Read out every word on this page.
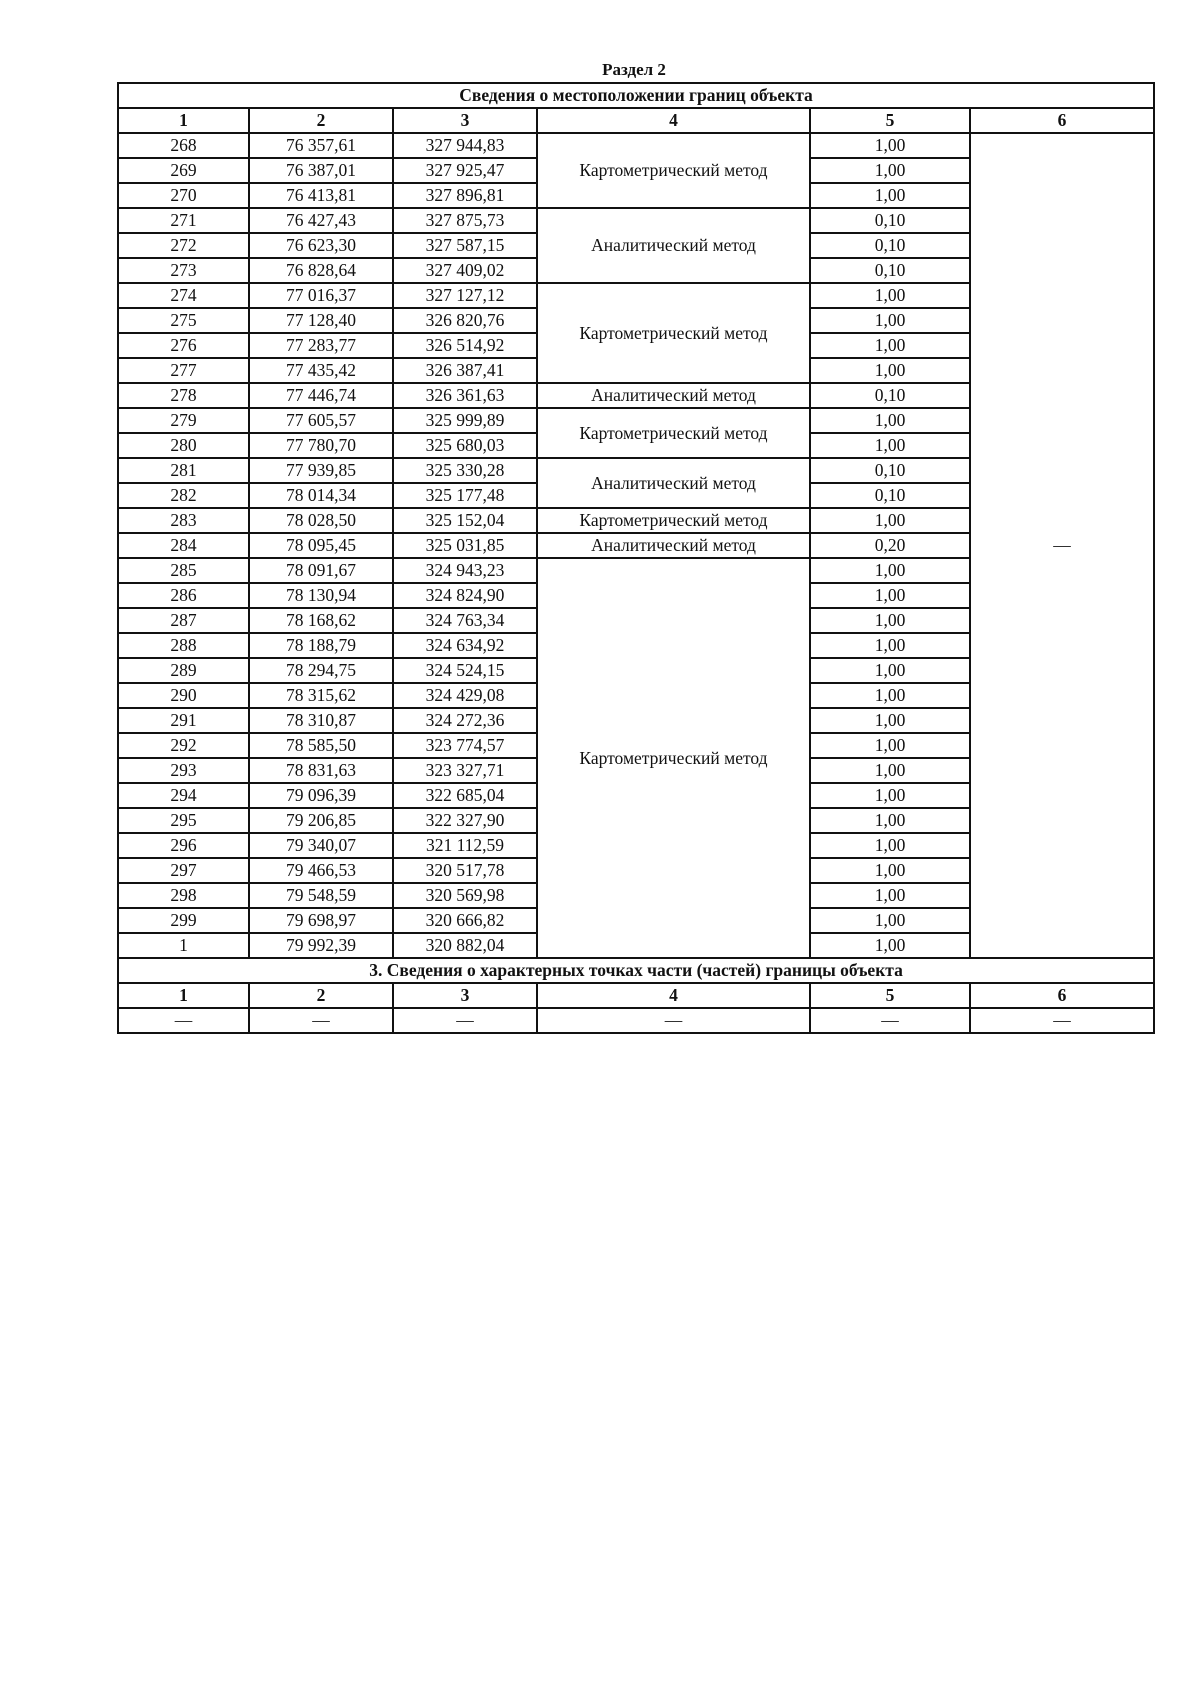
Раздел 2
Сведения о местоположении границ объекта					
1	2	3	4	5	6
268	76 357,61	327 944,83	Картометрический метод	1,00	—
269	76 387,01	327 925,47		1,00	
270	76 413,81	327 896,81		1,00	
271	76 427,43	327 875,73	Аналитический метод	0,10	
272	76 623,30	327 587,15		0,10	
273	76 828,64	327 409,02		0,10	
274	77 016,37	327 127,12	Картометрический метод	1,00	
275	77 128,40	326 820,76		1,00	
276	77 283,77	326 514,92		1,00	
277	77 435,42	326 387,41		1,00	
278	77 446,74	326 361,63	Аналитический метод	0,10	
279	77 605,57	325 999,89	Картометрический метод	1,00	
280	77 780,70	325 680,03		1,00	
281	77 939,85	325 330,28	Аналитический метод	0,10	
282	78 014,34	325 177,48		0,10	
283	78 028,50	325 152,04	Картометрический метод	1,00	
284	78 095,45	325 031,85	Аналитический метод	0,20	
285	78 091,67	324 943,23	Картометрический метод	1,00	
286	78 130,94	324 824,90		1,00	
287	78 168,62	324 763,34		1,00	
288	78 188,79	324 634,92		1,00	
289	78 294,75	324 524,15		1,00	
290	78 315,62	324 429,08		1,00	
291	78 310,87	324 272,36		1,00	
292	78 585,50	323 774,57		1,00	
293	78 831,63	323 327,71		1,00	
294	79 096,39	322 685,04		1,00	
295	79 206,85	322 327,90		1,00	
296	79 340,07	321 112,59		1,00	
297	79 466,53	320 517,78		1,00	
298	79 548,59	320 569,98		1,00	
299	79 698,97	320 666,82		1,00	
1	79 992,39	320 882,04		1,00	
3. Сведения о характерных точках части (частей) границы объекта					
1	2	3	4	5	6
—	—	—	—	—	—
